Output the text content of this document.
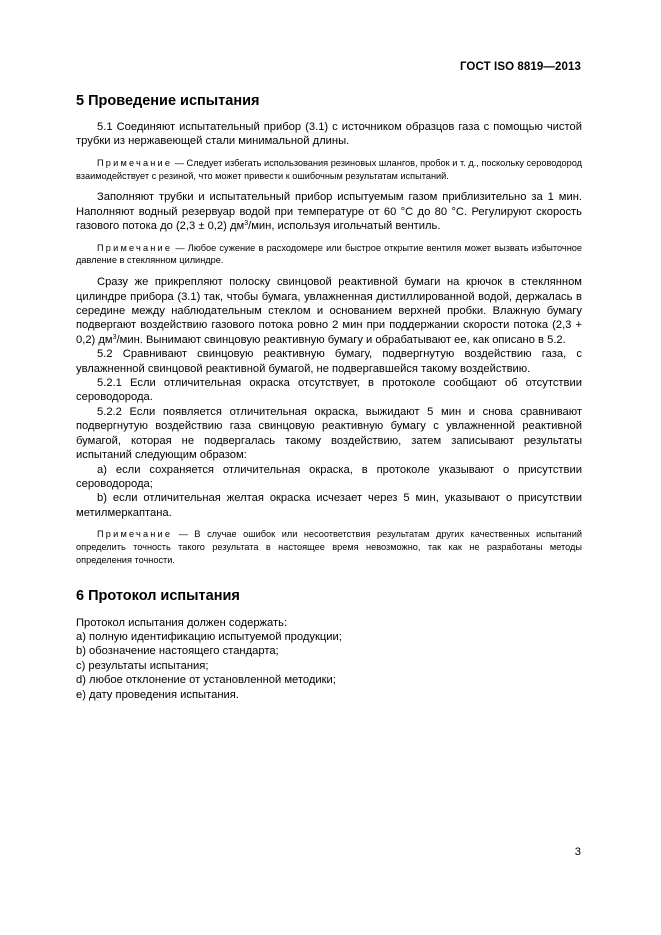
ГОСТ ISO 8819—2013
5 Проведение испытания

5.1 Соединяют испытательный прибор (3.1) с источником образцов газа с помощью чистой трубки из нержавеющей стали минимальной длины.

Примечание — Следует избегать использования резиновых шлангов, пробок и т. д., поскольку сероводород взаимодействует с резиной, что может привести к ошибочным результатам испытаний.

Заполняют трубки и испытательный прибор испытуемым газом приблизительно за 1 мин. Наполняют водный резервуар водой при температуре от 60 °С до 80 °С. Регулируют скорость газового потока до (2,3 ± 0,2) $дм^3$/мин, используя игольчатый вентиль.

Примечание — Любое сужение в расходомере или быстрое открытие вентиля может вызвать избыточное давление в стеклянном цилиндре.

Сразу же прикрепляют полоску свинцовой реактивной бумаги на крючок в стеклянном цилиндре прибора (3.1) так, чтобы бумага, увлажненная дистиллированной водой, держалась в середине между наблюдательным стеклом и основанием верхней пробки. Влажную бумагу подвергают воздействию газового потока ровно 2 мин при поддержании скорости потока (2,3 + 0,2) $дм^3$/мин. Вынимают свинцовую реактивную бумагу и обрабатывают ее, как описано в 5.2.

5.2 Сравнивают свинцовую реактивную бумагу, подвергнутую воздействию газа, с увлажненной свинцовой реактивной бумагой, не подвергавшейся такому воздействию.

5.2.1 Если отличительная окраска отсутствует, в протоколе сообщают об отсутствии сероводорода.

5.2.2 Если появляется отличительная окраска, выжидают 5 мин и снова сравнивают подвергнутую воздействию газа свинцовую реактивную бумагу с увлажненной реактивной бумагой, которая не подвергалась такому воздействию, затем записывают результаты испытаний следующим образом:

a) если сохраняется отличительная окраска, в протоколе указывают о присутствии сероводорода;

b) если отличительная желтая окраска исчезает через 5 мин, указывают о присутствии метилмеркаптана.

Примечание — В случае ошибок или несоответствия результатам других качественных испытаний определить точность такого результата в настоящее время невозможно, так как не разработаны методы определения точности.

6 Протокол испытания

Протокол испытания должен содержать:

a) полную идентификацию испытуемой продукции;

b) обозначение настоящего стандарта;

c) результаты испытания;

d) любое отклонение от установленной методики;

e) дату проведения испытания.

3
